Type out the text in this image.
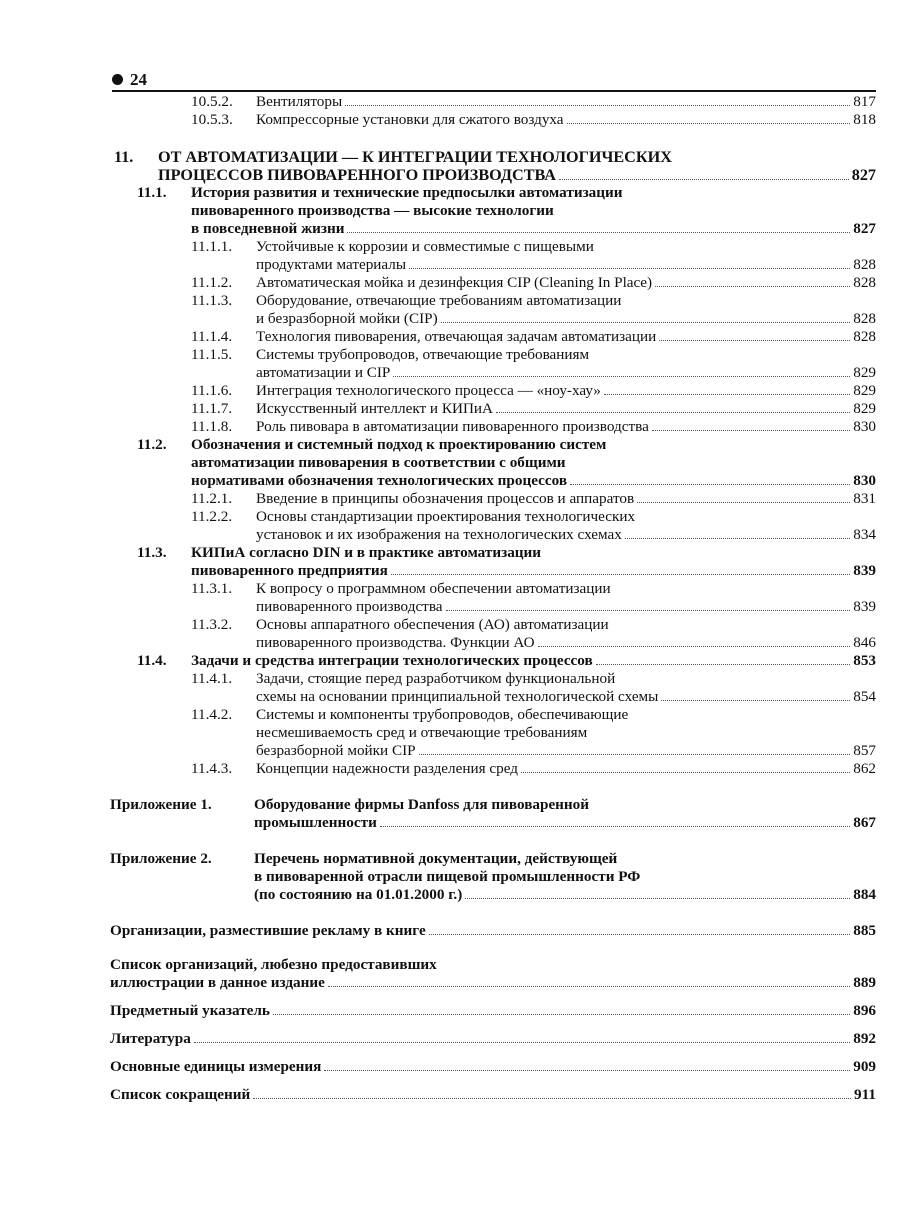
24
10.5.2. Вентиляторы	817
10.5.3. Компрессорные установки для сжатого воздуха	818
11. ОТ АВТОМАТИЗАЦИИ — К ИНТЕГРАЦИИ ТЕХНОЛОГИЧЕСКИХ
ПРОЦЕССОВ ПИВОВАРЕННОГО ПРОИЗВОДСТВА	827
11.1. История развития и технические предпосылки автоматизации
пивоваренного производства — высокие технологии
в повседневной жизни	827
11.1.1. Устойчивые к коррозии и совместимые с пищевыми
продуктами материалы	828
11.1.2. Автоматическая мойка и дезинфекция CIP (Cleaning In Place)	828
11.1.3. Оборудование, отвечающие требованиям автоматизации
и безразборной мойки (CIP)	828
11.1.4. Технология пивоварения, отвечающая задачам автоматизации	828
11.1.5. Системы трубопроводов, отвечающие требованиям
автоматизации и CIP	829
11.1.6. Интеграция технологического процесса — «ноу-хау»	829
11.1.7. Искусственный интеллект и КИПиА	829
11.1.8. Роль пивовара в автоматизации пивоваренного производства	830
11.2. Обозначения и системный подход к проектированию систем
автоматизации пивоварения в соответствии с общими
нормативами обозначения технологических процессов	830
11.2.1. Введение в принципы обозначения процессов и аппаратов	831
11.2.2. Основы стандартизации проектирования технологических
установок и их изображения на технологических схемах	834
11.3. КИПиА согласно DIN и в практике автоматизации
пивоваренного предприятия	839
11.3.1. К вопросу о программном обеспечении автоматизации
пивоваренного производства	839
11.3.2. Основы аппаратного обеспечения (АО) автоматизации
пивоваренного производства. Функции АО	846
11.4. Задачи и средства интеграции технологических процессов	853
11.4.1. Задачи, стоящие перед разработчиком функциональной
схемы на основании принципиальной технологической схемы	854
11.4.2. Системы и компоненты трубопроводов, обеспечивающие
несмешиваемость сред и отвечающие требованиям
безразборной мойки CIP	857
11.4.3. Концепции надежности разделения сред	862
Приложение 1.	Оборудование фирмы Danfoss для пивоваренной
промышленности	867
Приложение 2.	Перечень нормативной документации, действующей
в пивоваренной отрасли пищевой промышленности РФ
(по состоянию на 01.01.2000 г.)	884
Организации, разместившие рекламу в книге	885
Список организаций, любезно предоставивших
иллюстрации в данное издание	889
Предметный указатель	896
Литература	892
Основные единицы измерения	909
Список сокращений	911
